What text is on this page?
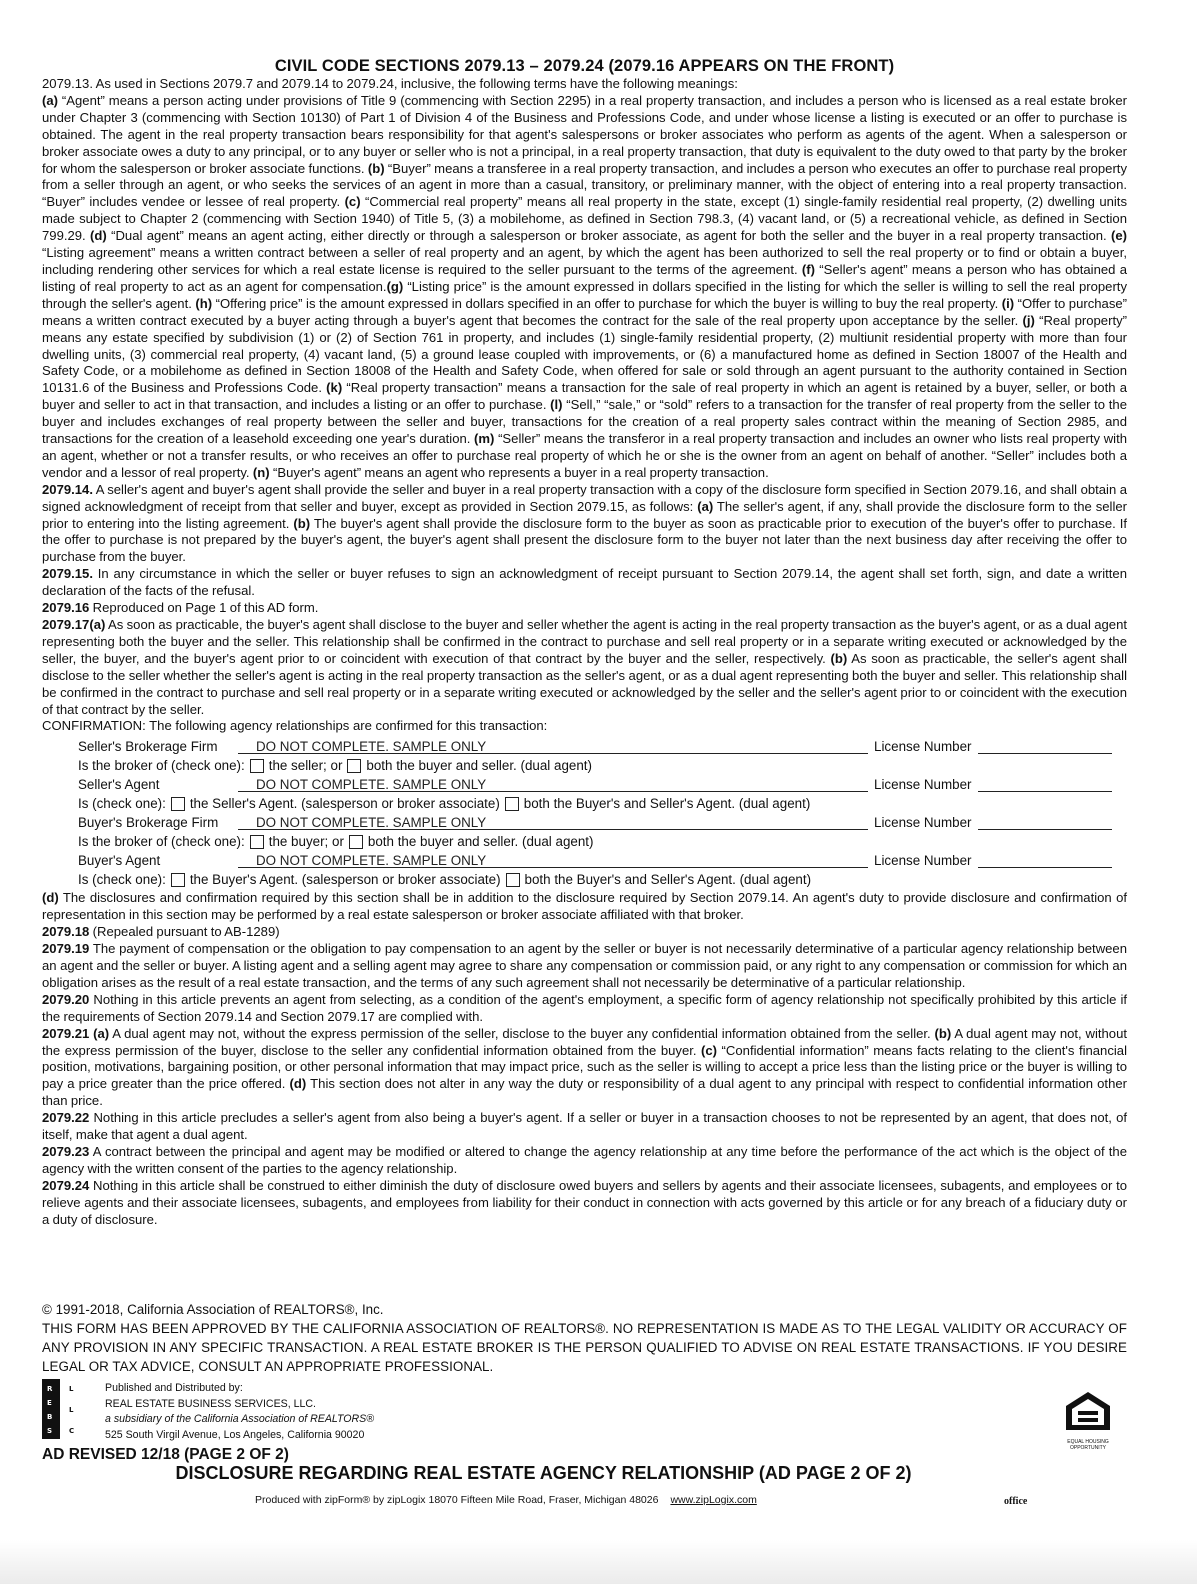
CIVIL CODE SECTIONS 2079.13 – 2079.24 (2079.16 APPEARS ON THE FRONT)

2079.13. As used in Sections 2079.7 and 2079.14 to 2079.24, inclusive, the following terms have the following meanings:
(a) “Agent” means a person acting under provisions of Title 9 (commencing with Section 2295) in a real property transaction, and includes a person who is licensed as a real estate broker under Chapter 3 (commencing with Section 10130) of Part 1 of Division 4 of the Business and Professions Code, and under whose license a listing is executed or an offer to purchase is obtained. The agent in the real property transaction bears responsibility for that agent's salespersons or broker associates who perform as agents of the agent. When a salesperson or broker associate owes a duty to any principal, or to any buyer or seller who is not a principal, in a real property transaction, that duty is equivalent to the duty owed to that party by the broker for whom the salesperson or broker associate functions. (b) “Buyer” means a transferee in a real property transaction, and includes a person who executes an offer to purchase real property from a seller through an agent, or who seeks the services of an agent in more than a casual, transitory, or preliminary manner, with the object of entering into a real property transaction. “Buyer” includes vendee or lessee of real property. (c) “Commercial real property” means all real property in the state, except (1) single-family residential real property, (2) dwelling units made subject to Chapter 2 (commencing with Section 1940) of Title 5, (3) a mobilehome, as defined in Section 798.3, (4) vacant land, or (5) a recreational vehicle, as defined in Section 799.29. (d) “Dual agent” means an agent acting, either directly or through a salesperson or broker associate, as agent for both the seller and the buyer in a real property transaction. (e) “Listing agreement” means a written contract between a seller of real property and an agent, by which the agent has been authorized to sell the real property or to find or obtain a buyer, including rendering other services for which a real estate license is required to the seller pursuant to the terms of the agreement. (f) “Seller's agent” means a person who has obtained a listing of real property to act as an agent for compensation.(g) “Listing price” is the amount expressed in dollars specified in the listing for which the seller is willing to sell the real property through the seller's agent. (h) “Offering price” is the amount expressed in dollars specified in an offer to purchase for which the buyer is willing to buy the real property. (i) “Offer to purchase” means a written contract executed by a buyer acting through a buyer's agent that becomes the contract for the sale of the real property upon acceptance by the seller. (j) “Real property” means any estate specified by subdivision (1) or (2) of Section 761 in property, and includes (1) single-family residential property, (2) multiunit residential property with more than four dwelling units, (3) commercial real property, (4) vacant land, (5) a ground lease coupled with improvements, or (6) a manufactured home as defined in Section 18007 of the Health and Safety Code, or a mobilehome as defined in Section 18008 of the Health and Safety Code, when offered for sale or sold through an agent pursuant to the authority contained in Section 10131.6 of the Business and Professions Code. (k) “Real property transaction” means a transaction for the sale of real property in which an agent is retained by a buyer, seller, or both a buyer and seller to act in that transaction, and includes a listing or an offer to purchase. (l) “Sell,” “sale,” or “sold” refers to a transaction for the transfer of real property from the seller to the buyer and includes exchanges of real property between the seller and buyer, transactions for the creation of a real property sales contract within the meaning of Section 2985, and transactions for the creation of a leasehold exceeding one year's duration. (m) “Seller” means the transferor in a real property transaction and includes an owner who lists real property with an agent, whether or not a transfer results, or who receives an offer to purchase real property of which he or she is the owner from an agent on behalf of another. “Seller” includes both a vendor and a lessor of real property. (n) “Buyer's agent” means an agent who represents a buyer in a real property transaction.

2079.14. A seller's agent and buyer's agent shall provide the seller and buyer in a real property transaction with a copy of the disclosure form specified in Section 2079.16, and shall obtain a signed acknowledgment of receipt from that seller and buyer, except as provided in Section 2079.15, as follows: (a) The seller's agent, if any, shall provide the disclosure form to the seller prior to entering into the listing agreement. (b) The buyer's agent shall provide the disclosure form to the buyer as soon as practicable prior to execution of the buyer's offer to purchase. If the offer to purchase is not prepared by the buyer's agent, the buyer's agent shall present the disclosure form to the buyer not later than the next business day after receiving the offer to purchase from the buyer.

2079.15. In any circumstance in which the seller or buyer refuses to sign an acknowledgment of receipt pursuant to Section 2079.14, the agent shall set forth, sign, and date a written declaration of the facts of the refusal.

2079.16 Reproduced on Page 1 of this AD form.

2079.17(a) As soon as practicable, the buyer's agent shall disclose to the buyer and seller whether the agent is acting in the real property transaction as the buyer's agent, or as a dual agent representing both the buyer and the seller. This relationship shall be confirmed in the contract to purchase and sell real property or in a separate writing executed or acknowledged by the seller, the buyer, and the buyer's agent prior to or coincident with execution of that contract by the buyer and the seller, respectively. (b) As soon as practicable, the seller's agent shall disclose to the seller whether the seller's agent is acting in the real property transaction as the seller's agent, or as a dual agent representing both the buyer and seller. This relationship shall be confirmed in the contract to purchase and sell real property or in a separate writing executed or acknowledged by the seller and the seller's agent prior to or coincident with the execution of that contract by the seller.

CONFIRMATION: The following agency relationships are confirmed for this transaction:
Seller's Brokerage Firm	DO NOT COMPLETE. SAMPLE ONLY	License Number
Is the broker of (check one): the seller; or both the buyer and seller. (dual agent)
Seller's Agent	DO NOT COMPLETE. SAMPLE ONLY	License Number
Is (check one): the Seller's Agent. (salesperson or broker associate) both the Buyer's and Seller's Agent. (dual agent)
Buyer's Brokerage Firm	DO NOT COMPLETE. SAMPLE ONLY	License Number
Is the broker of (check one): the buyer; or both the buyer and seller. (dual agent)
Buyer's Agent	DO NOT COMPLETE. SAMPLE ONLY	License Number
Is (check one): the Buyer's Agent. (salesperson or broker associate) both the Buyer's and Seller's Agent. (dual agent)

(d) The disclosures and confirmation required by this section shall be in addition to the disclosure required by Section 2079.14. An agent's duty to provide disclosure and confirmation of representation in this section may be performed by a real estate salesperson or broker associate affiliated with that broker.

2079.18 (Repealed pursuant to AB-1289)

2079.19 The payment of compensation or the obligation to pay compensation to an agent by the seller or buyer is not necessarily determinative of a particular agency relationship between an agent and the seller or buyer. A listing agent and a selling agent may agree to share any compensation or commission paid, or any right to any compensation or commission for which an obligation arises as the result of a real estate transaction, and the terms of any such agreement shall not necessarily be determinative of a particular relationship.

2079.20 Nothing in this article prevents an agent from selecting, as a condition of the agent's employment, a specific form of agency relationship not specifically prohibited by this article if the requirements of Section 2079.14 and Section 2079.17 are complied with.

2079.21 (a) A dual agent may not, without the express permission of the seller, disclose to the buyer any confidential information obtained from the seller. (b) A dual agent may not, without the express permission of the buyer, disclose to the seller any confidential information obtained from the buyer. (c) “Confidential information” means facts relating to the client's financial position, motivations, bargaining position, or other personal information that may impact price, such as the seller is willing to accept a price less than the listing price or the buyer is willing to pay a price greater than the price offered. (d) This section does not alter in any way the duty or responsibility of a dual agent to any principal with respect to confidential information other than price.

2079.22 Nothing in this article precludes a seller's agent from also being a buyer's agent. If a seller or buyer in a transaction chooses to not be represented by an agent, that does not, of itself, make that agent a dual agent.

2079.23 A contract between the principal and agent may be modified or altered to change the agency relationship at any time before the performance of the act which is the object of the agency with the written consent of the parties to the agency relationship.

2079.24 Nothing in this article shall be construed to either diminish the duty of disclosure owed buyers and sellers by agents and their associate licensees, subagents, and employees or to relieve agents and their associate licensees, subagents, and employees from liability for their conduct in connection with acts governed by this article or for any breach of a fiduciary duty or a duty of disclosure.

© 1991-2018, California Association of REALTORS®, Inc.
THIS FORM HAS BEEN APPROVED BY THE CALIFORNIA ASSOCIATION OF REALTORS®. NO REPRESENTATION IS MADE AS TO THE LEGAL VALIDITY OR ACCURACY OF ANY PROVISION IN ANY SPECIFIC TRANSACTION. A REAL ESTATE BROKER IS THE PERSON QUALIFIED TO ADVISE ON REAL ESTATE TRANSACTIONS. IF YOU DESIRE LEGAL OR TAX ADVICE, CONSULT AN APPROPRIATE PROFESSIONAL.
R
E
B
S
L
L
C
Published and Distributed by:
REAL ESTATE BUSINESS SERVICES, LLC.
a subsidiary of the California Association of REALTORS®
525 South Virgil Avenue, Los Angeles, California 90020
EQUAL HOUSING
OPPORTUNITY
AD REVISED 12/18 (PAGE 2 OF 2)
DISCLOSURE REGARDING REAL ESTATE AGENCY RELATIONSHIP (AD PAGE 2 OF 2)
Produced with zipForm® by zipLogix 18070 Fifteen Mile Road, Fraser, Michigan 48026 www.zipLogix.com	office
